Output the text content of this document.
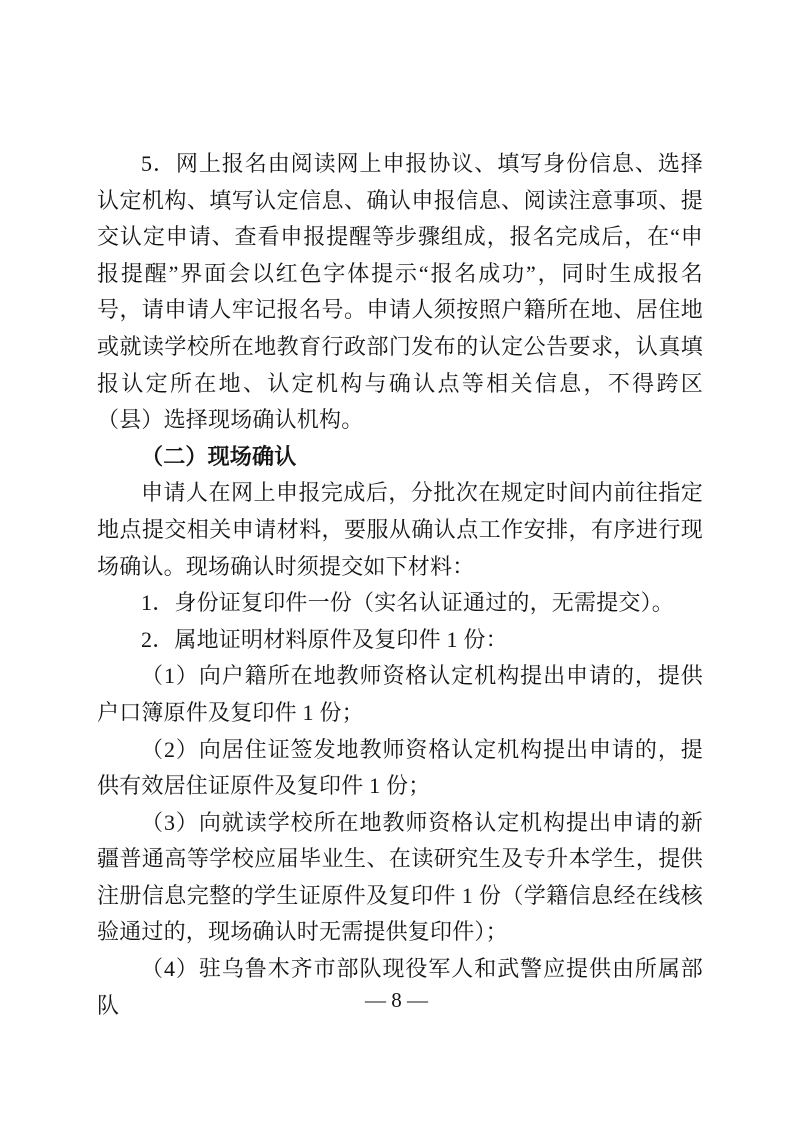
5．网上报名由阅读网上申报协议、填写身份信息、选择认定机构、填写认定信息、确认申报信息、阅读注意事项、提交认定申请、查看申报提醒等步骤组成，报名完成后，在“申报提醒”界面会以红色字体提示“报名成功”，同时生成报名号，请申请人牢记报名号。申请人须按照户籍所在地、居住地或就读学校所在地教育行政部门发布的认定公告要求，认真填报认定所在地、认定机构与确认点等相关信息，不得跨区（县）选择现场确认机构。

（二）现场确认

申请人在网上申报完成后，分批次在规定时间内前往指定地点提交相关申请材料，要服从确认点工作安排，有序进行现场确认。现场确认时须提交如下材料：

1．身份证复印件一份（实名认证通过的，无需提交）。

2．属地证明材料原件及复印件 1 份：

（1）向户籍所在地教师资格认定机构提出申请的，提供户口簿原件及复印件 1 份；

（2）向居住证签发地教师资格认定机构提出申请的，提供有效居住证原件及复印件 1 份；

（3）向就读学校所在地教师资格认定机构提出申请的新疆普通高等学校应届毕业生、在读研究生及专升本学生，提供注册信息完整的学生证原件及复印件 1 份（学籍信息经在线核验通过的，现场确认时无需提供复印件）；

（4）驻乌鲁木齐市部队现役军人和武警应提供由所属部队	— 8 —
